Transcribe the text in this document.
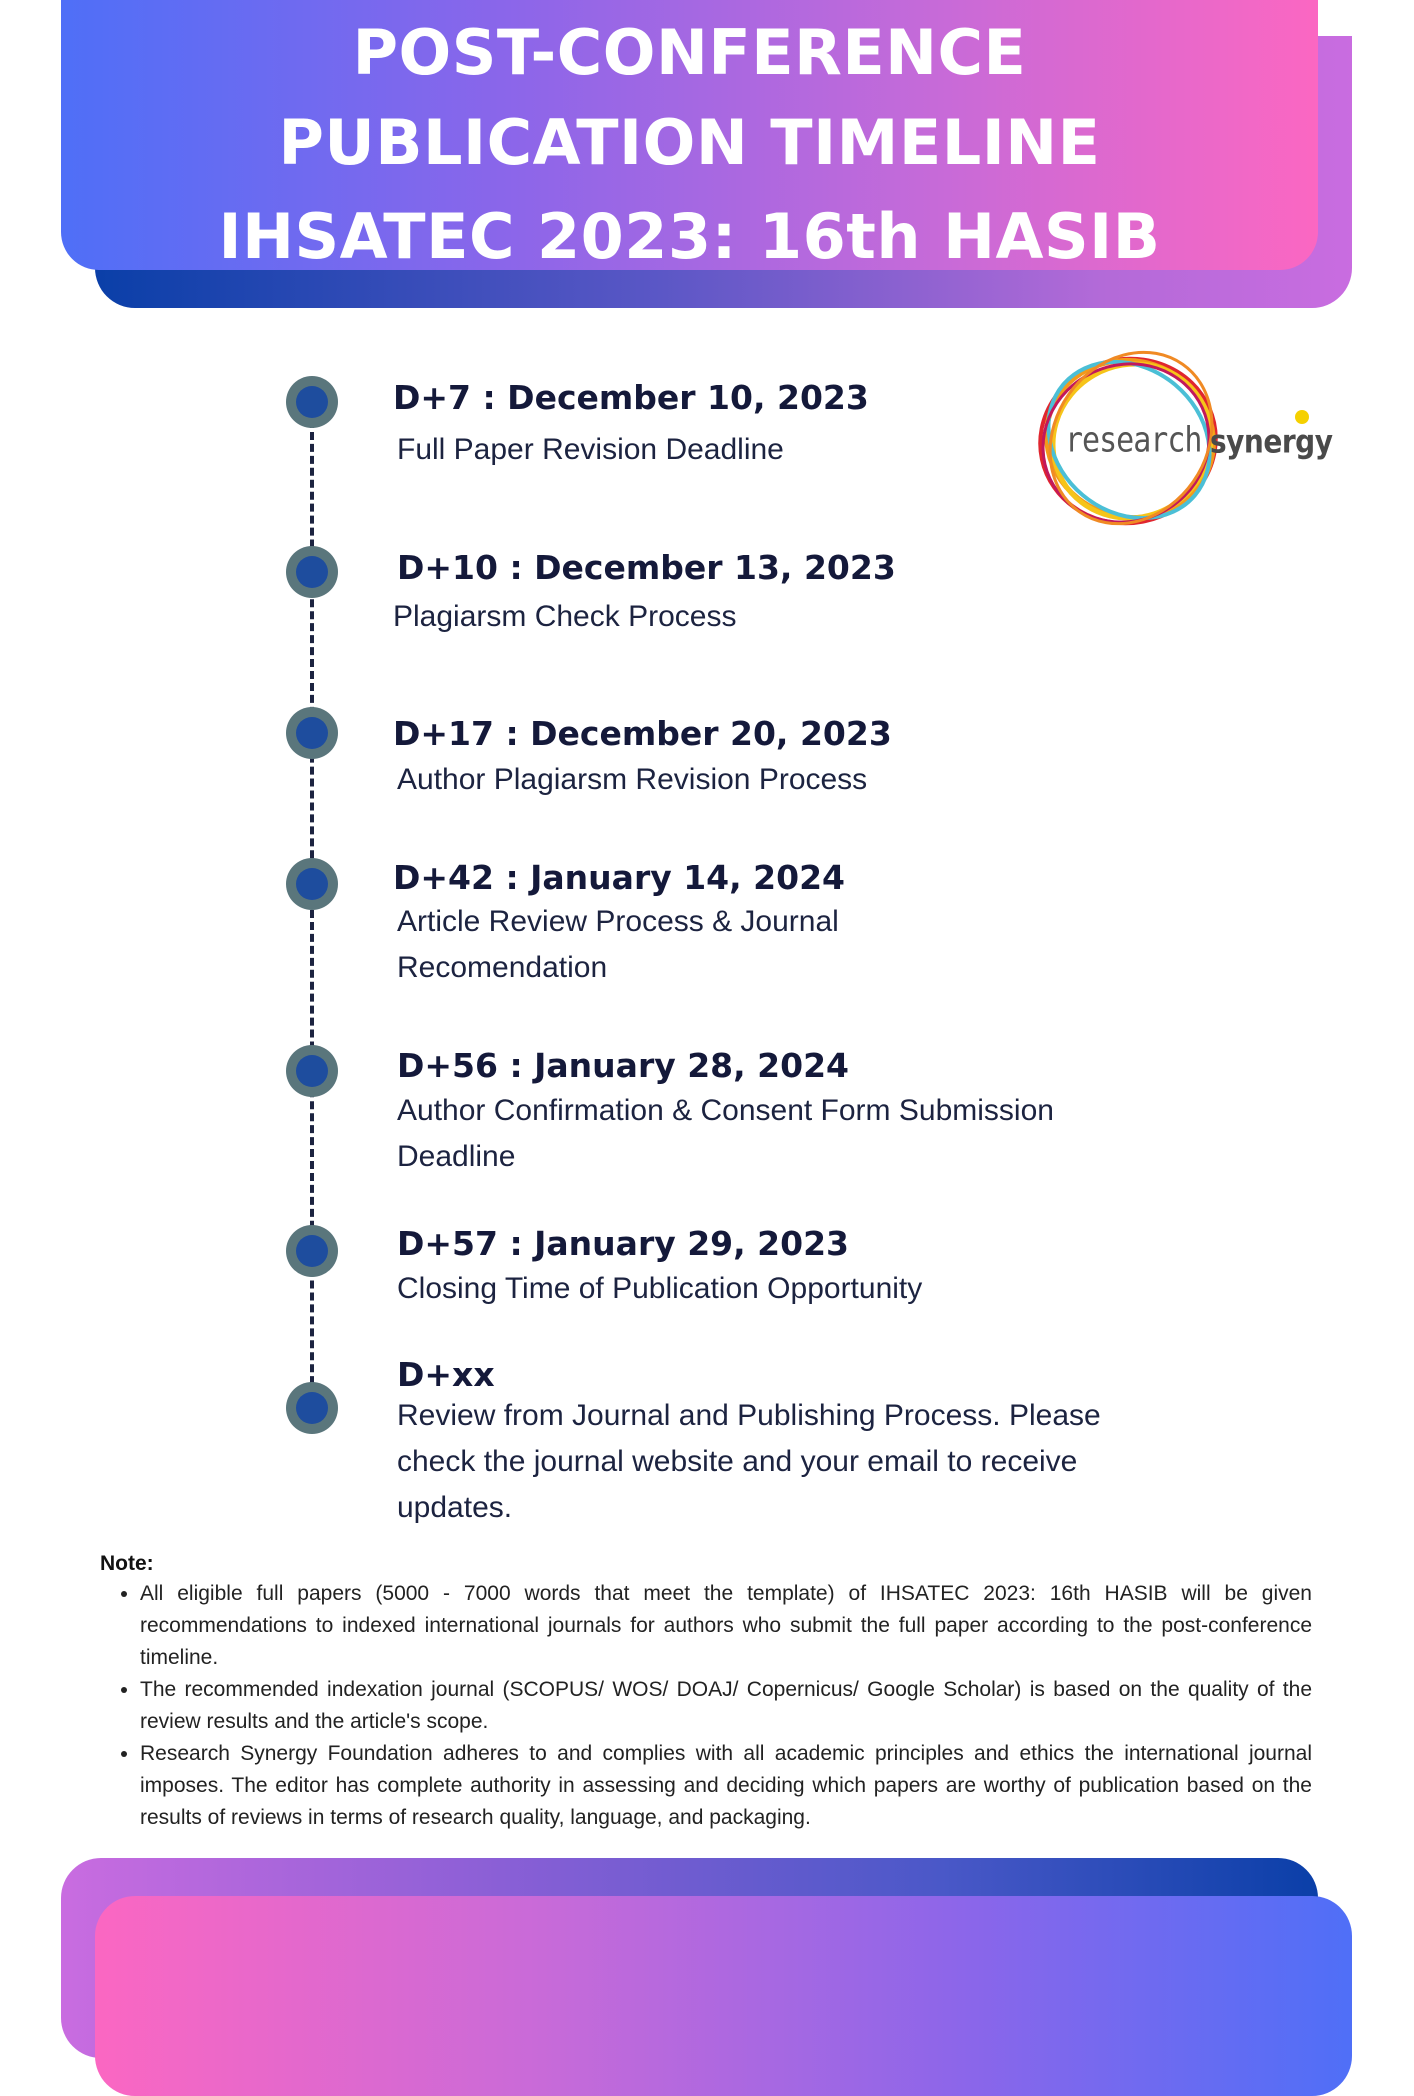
POST-CONFERENCE
PUBLICATION TIMELINE
IHSATEC 2023: 16th HASIB
research synergy
D+7 : December 10, 2023
Full Paper Revision Deadline
D+10 : December 13, 2023
Plagiarsm Check Process
D+17 : December 20, 2023
Author Plagiarsm Revision Process
D+42 : January 14, 2024
Article Review Process & Journal Recomendation
D+56 : January 28, 2024
Author Confirmation & Consent Form Submission Deadline
D+57 : January 29, 2023
Closing Time of Publication Opportunity
D+xx
Review from Journal and Publishing Process. Please check the journal website and your email to receive updates.
Note:
• All eligible full papers (5000 - 7000 words that meet the template) of IHSATEC 2023: 16th HASIB will be given recommendations to indexed international journals for authors who submit the full paper according to the post-conference timeline.
• The recommended indexation journal (SCOPUS/ WOS/ DOAJ/ Copernicus/ Google Scholar) is based on the quality of the review results and the article's scope.
• Research Synergy Foundation adheres to and complies with all academic principles and ethics the international journal imposes. The editor has complete authority in assessing and deciding which papers are worthy of publication based on the results of reviews in terms of research quality, language, and packaging.
